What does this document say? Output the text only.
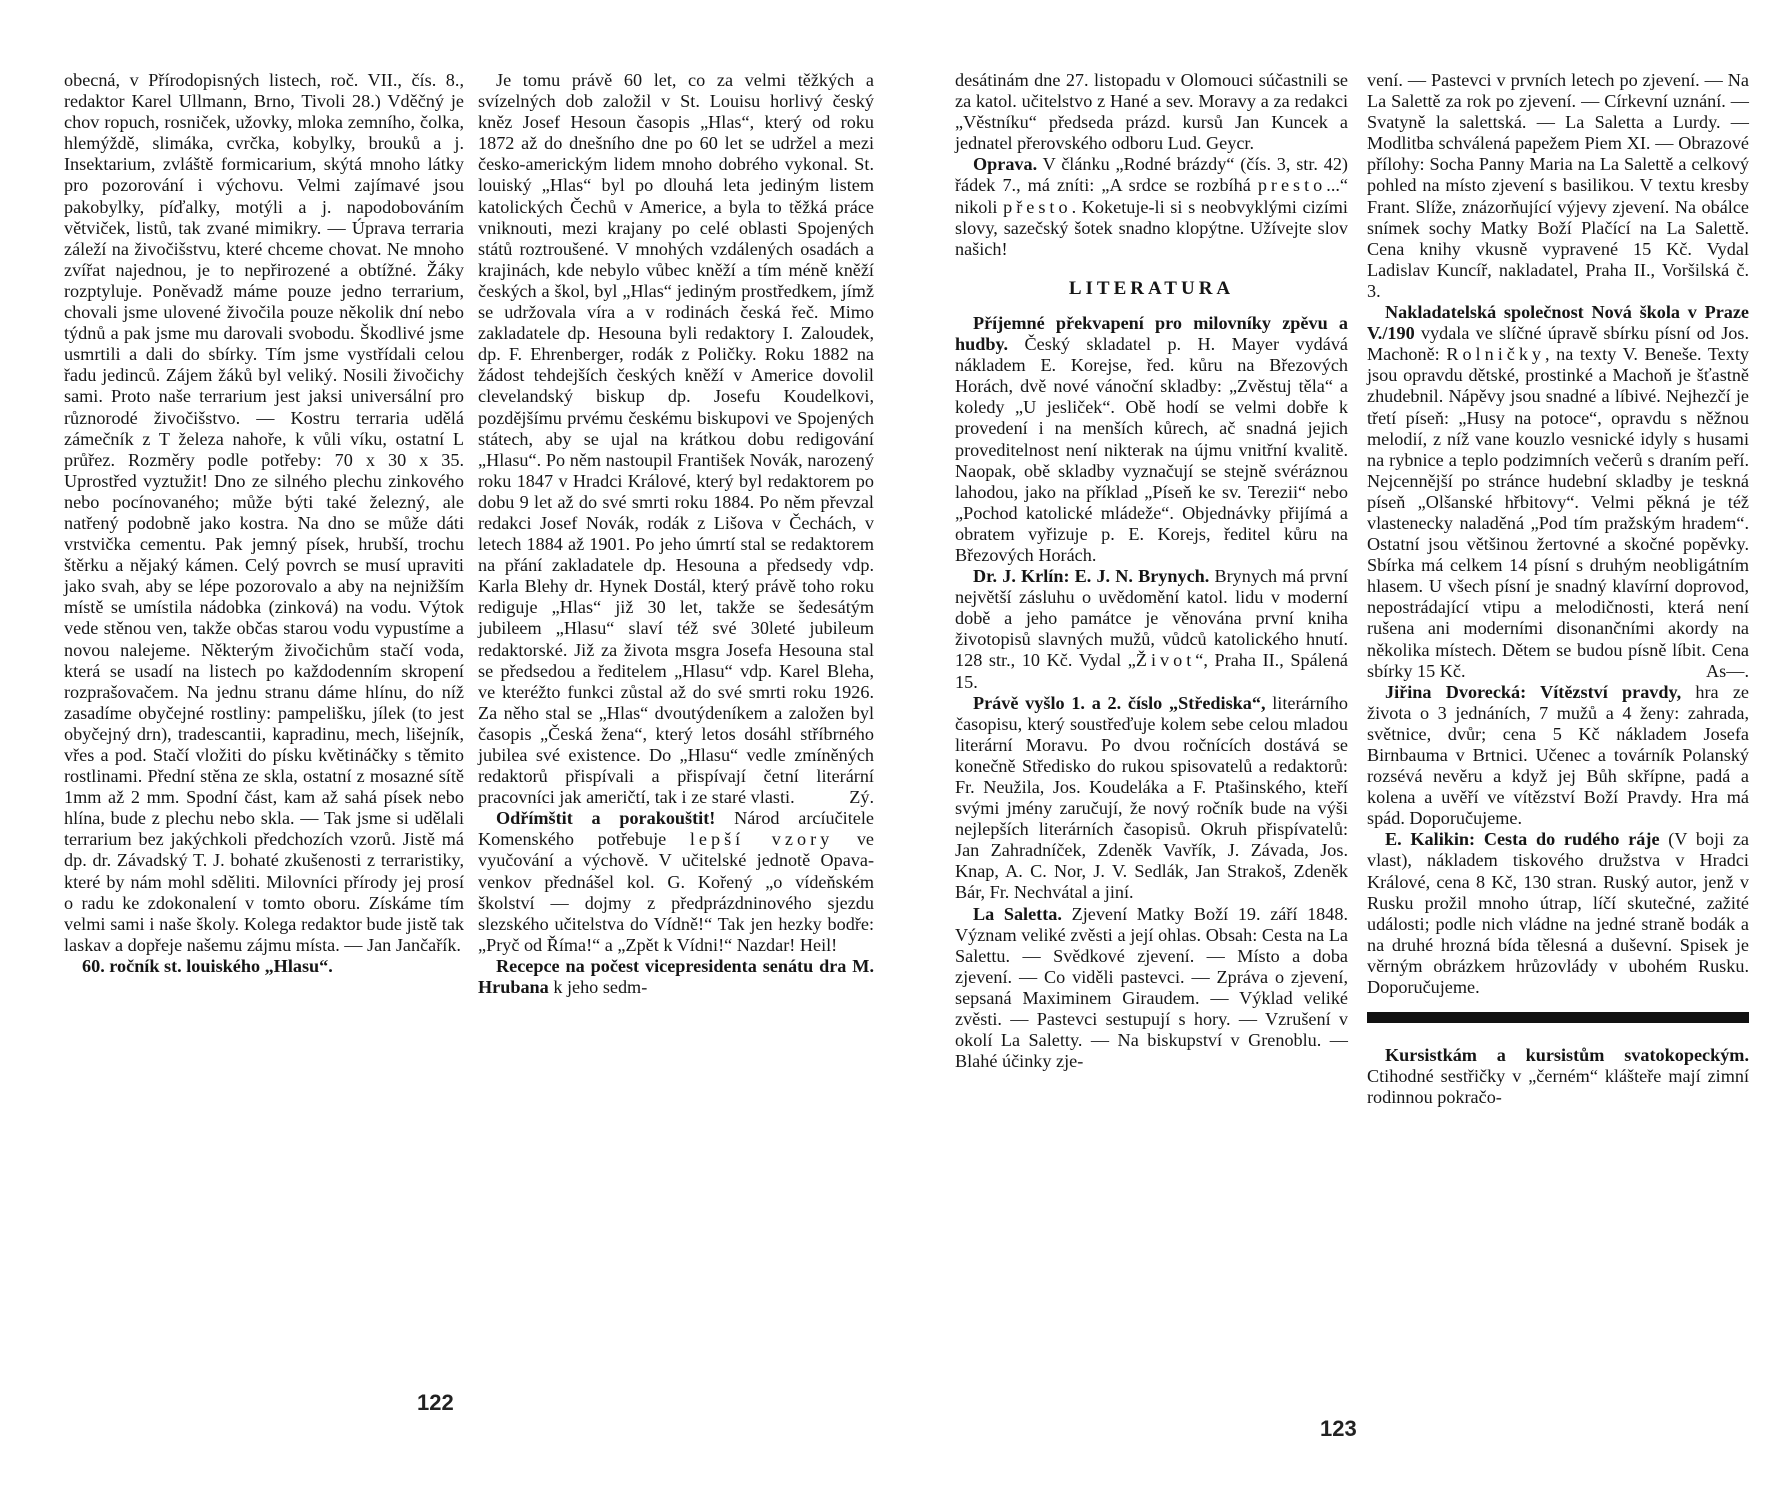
obecná, v Přírodopisných listech, roč. VII., čís. 8., redaktor Karel Ullmann, Brno, Tivoli 28.) Vděčný je chov ropuch, rosniček, užovky, mloka zemního, čolka, hlemýždě, slimáka, cvrčka, kobylky, brouků a j. Insektarium, zvláště formicarium, skýtá mnoho látky pro pozorování i výchovu. Velmi zajímavé jsou pakobylky, píďalky, motýli a j. napodobováním větviček, listů, tak zvané mimikry. — Úprava terraria záleží na živočišstvu, které chceme chovat. Ne mnoho zvířat najednou, je to nepřirozené a obtížné. Žáky rozptyluje. Poněvadž máme pouze jedno terrarium, chovali jsme ulovené živočila pouze několik dní nebo týdnů a pak jsme mu darovali svobodu. Škodlivé jsme usmrtili a dali do sbírky. Tím jsme vystřídali celou řadu jedinců. Zájem žáků byl veliký. Nosili živočichy sami. Proto naše terrarium jest jaksi universální pro různorodé živočišstvo. — Kostru terraria udělá zámečník z T železa nahoře, k vůli víku, ostatní L průřez. Rozměry podle potřeby: 70 x 30 x 35. Uprostřed vyztužit! Dno ze silného plechu zinkového nebo pocínovaného; může býti také železný, ale natřený podobně jako kostra. Na dno se může dáti vrstvička cementu. Pak jemný písek, hrubší, trochu štěrku a nějaký kámen. Celý povrch se musí upraviti jako svah, aby se lépe pozorovalo a aby na nejnižším místě se umístila nádobka (zinková) na vodu. Výtok vede stěnou ven, takže občas starou vodu vypustíme a novou nalejeme. Některým živočichům stačí voda, která se usadí na listech po každodenním skropení rozprašovačem. Na jednu stranu dáme hlínu, do níž zasadíme obyčejné rostliny: pampelišku, jílek (to jest obyčejný drn), tradescantii, kapradinu, mech, lišejník, vřes a pod. Stačí vložiti do písku květináčky s těmito rostlinami. Přední stěna ze skla, ostatní z mosazné sítě 1mm až 2 mm. Spodní část, kam až sahá písek nebo hlína, bude z plechu nebo skla. — Tak jsme si udělali terrarium bez jakýchkoli předchozích vzorů. Jistě má dp. dr. Závadský T. J. bohaté zkušenosti z terraristiky, které by nám mohl sděliti. Milovníci přírody jej prosí o radu ke zdokonalení v tomto oboru. Získáme tím velmi sami i naše školy. Kolega redaktor bude jistě tak laskav a dopřeje našemu zájmu místa. — Jan Jančařík.

60. ročník st. louiského „Hlasu“.

Je tomu právě 60 let, co za velmi těžkých a svízelných dob založil v St. Louisu horlivý český kněz Josef Hesoun časopis „Hlas“, který od roku 1872 až do dnešního dne po 60 let se udržel a mezi česko-americkým lidem mnoho dobrého vykonal. St. louiský „Hlas“ byl po dlouhá leta jediným listem katolických Čechů v Americe, a byla to těžká práce vniknouti, mezi krajany po celé oblasti Spojených států roztroušené. V mnohých vzdálených osadách a krajinách, kde nebylo vůbec kněží a tím méně kněží českých a škol, byl „Hlas“ jediným prostředkem, jímž se udržovala víra a v rodinách česká řeč. Mimo zakladatele dp. Hesouna byli redaktory I. Zaloudek, dp. F. Ehrenberger, rodák z Poličky. Roku 1882 na žádost tehdejších českých kněží v Americe dovolil clevelandský biskup dp. Josefu Koudelkovi, pozdějšímu prvému českému biskupovi ve Spojených státech, aby se ujal na krátkou dobu redigování „Hlasu“. Po něm nastoupil František Novák, narozený roku 1847 v Hradci Králové, který byl redaktorem po dobu 9 let až do své smrti roku 1884. Po něm převzal redakci Josef Novák, rodák z Lišova v Čechách, v letech 1884 až 1901. Po jeho úmrtí stal se redaktorem na přání zakladatele dp. Hesouna a předsedy vdp. Karla Blehy dr. Hynek Dostál, který právě toho roku rediguje „Hlas“ již 30 let, takže se šedesátým jubileem „Hlasu“ slaví též své 30leté jubileum redaktorské. Již za života msgra Josefa Hesouna stal se předsedou a ředitelem „Hlasu“ vdp. Karel Bleha, ve kteréžto funkci zůstal až do své smrti roku 1926. Za něho stal se „Hlas“ dvoutýdeníkem a založen byl časopis „Česká žena“, který letos dosáhl stříbrného jubilea své existence. Do „Hlasu“ vedle zmíněných redaktorů přispívali a přispívají četní literární pracovníci jak američtí, tak i ze staré vlasti.	Zý.

Odřímštit a porakouštit! Národ arcíučitele Komenského potřebuje lepší vzory ve vyučování a výchově. V učitelské jednotě Opava-venkov přednášel kol. G. Kořený „o vídeňském školství — dojmy z předprázdninového sjezdu slezského učitelstva do Vídně!“ Tak jen hezky bodře: „Pryč od Říma!“ a „Zpět k Vídni!“ Nazdar! Heil!

Recepce na počest vicepresidenta senátu dra M. Hrubana k jeho sedm-

122

desátinám dne 27. listopadu v Olomouci súčastnili se za katol. učitelstvo z Hané a sev. Moravy a za redakci „Věstníku“ předseda prázd. kursů Jan Kuncek a jednatel přerovského odboru Lud. Geycr.

Oprava. V článku „Rodné brázdy“ (čís. 3, str. 42) řádek 7., má zníti: „A srdce se rozbíhá presto...“ nikoli přesto. Koketuje-li si s neobvyklými cizími slovy, sazečský šotek snadno klopýtne. Užívejte slov našich!

LITERATURA

Příjemné překvapení pro milovníky zpěvu a hudby. Český skladatel p. H. Mayer vydává nákladem E. Korejse, řed. kůru na Březových Horách, dvě nové vánoční skladby: „Zvěstuj těla“ a koledy „U jesliček“. Obě hodí se velmi dobře k provedení i na menších kůrech, ač snadná jejich proveditelnost není nikterak na újmu vnitřní kvalitě. Naopak, obě skladby vyznačují se stejně svéráznou lahodou, jako na příklad „Píseň ke sv. Terezii“ nebo „Pochod katolické mládeže“. Objednávky přijímá a obratem vyřizuje p. E. Korejs, ředitel kůru na Březových Horách.

Dr. J. Krlín: E. J. N. Brynych. Brynych má první největší zásluhu o uvědomění katol. lidu v moderní době a jeho památce je věnována první kniha životopisů slavných mužů, vůdců katolického hnutí. 128 str., 10 Kč. Vydal „Život“, Praha II., Spálená 15.

Právě vyšlo 1. a 2. číslo „Střediska“, literárního časopisu, který soustřeďuje kolem sebe celou mladou literární Moravu. Po dvou ročnících dostává se konečně Středisko do rukou spisovatelů a redaktorů: Fr. Neužila, Jos. Koudeláka a F. Ptašinského, kteří svými jmény zaručují, že nový ročník bude na výši nejlepších literárních časopisů. Okruh přispívatelů: Jan Zahradníček, Zdeněk Vavřík, J. Závada, Jos. Knap, A. C. Nor, J. V. Sedlák, Jan Strakoš, Zdeněk Bár, Fr. Nechvátal a jiní.

La Saletta. Zjevení Matky Boží 19. září 1848. Význam veliké zvěsti a její ohlas. Obsah: Cesta na La Salettu. — Svědkové zjevení. — Místo a doba zjevení. — Co viděli pastevci. — Zpráva o zjevení, sepsaná Maximinem Giraudem. — Výklad veliké zvěsti. — Pastevci sestupují s hory. — Vzrušení v okolí La Saletty. — Na biskupství v Grenoblu. — Blahé účinky zje-

vení. — Pastevci v prvních letech po zjevení. — Na La Salettě za rok po zjevení. — Církevní uznání. — Svatyně la salettská. — La Saletta a Lurdy. — Modlitba schválená papežem Piem XI. — Obrazové přílohy: Socha Panny Maria na La Salettě a celkový pohled na místo zjevení s basilikou. V textu kresby Frant. Slíže, znázorňující výjevy zjevení. Na obálce snímek sochy Matky Boží Plačící na La Salettě. Cena knihy vkusně vypravené 15 Kč. Vydal Ladislav Kuncíř, nakladatel, Praha II., Voršilská č. 3.

Nakladatelská společnost Nová škola v Praze V./190 vydala ve slíčné úpravě sbírku písní od Jos. Machoně: Rolničky, na texty V. Beneše. Texty jsou opravdu dětské, prostinké a Machoň je šťastně zhudebnil. Nápěvy jsou snadné a líbivé. Nejhezčí je třetí píseň: „Husy na potoce“, opravdu s něžnou melodií, z níž vane kouzlo vesnické idyly s husami na rybnice a teplo podzimních večerů s draním peří. Nejcennější po stránce hudební skladby je teskná píseň „Olšanské hřbitovy“. Velmi pěkná je též vlastenecky naladěná „Pod tím pražským hradem“. Ostatní jsou většinou žertovné a skočné popěvky. Sbírka má celkem 14 písní s druhým neobligátním hlasem. U všech písní je snadný klavírní doprovod, nepostrádající vtipu a melodičnosti, která není rušena ani moderními disonančními akordy na několika místech. Dětem se budou písně líbit. Cena sbírky 15 Kč.	As—.

Jiřina Dvorecká: Vítězství pravdy, hra ze života o 3 jednáních, 7 mužů a 4 ženy: zahrada, světnice, dvůr; cena 5 Kč nákladem Josefa Birnbauma v Brtnici. Učenec a továrník Polanský rozsévá nevěru a když jej Bůh skřípne, padá a kolena a uvěří ve vítězství Boží Pravdy. Hra má spád. Doporučujeme.

E. Kalikin: Cesta do rudého ráje (V boji za vlast), nákladem tiskového družstva v Hradci Králové, cena 8 Kč, 130 stran. Ruský autor, jenž v Rusku prožil mnoho útrap, líčí skutečné, zažité události; podle nich vládne na jedné straně bodák a na druhé hrozná bída tělesná a duševní. Spisek je věrným obrázkem hrůzovlády v ubohém Rusku. Doporučujeme.

Kursistkám a kursistům svatokopeckým. Ctihodné sestřičky v „černém“ klášteře mají zimní rodinnou pokračo-

123
